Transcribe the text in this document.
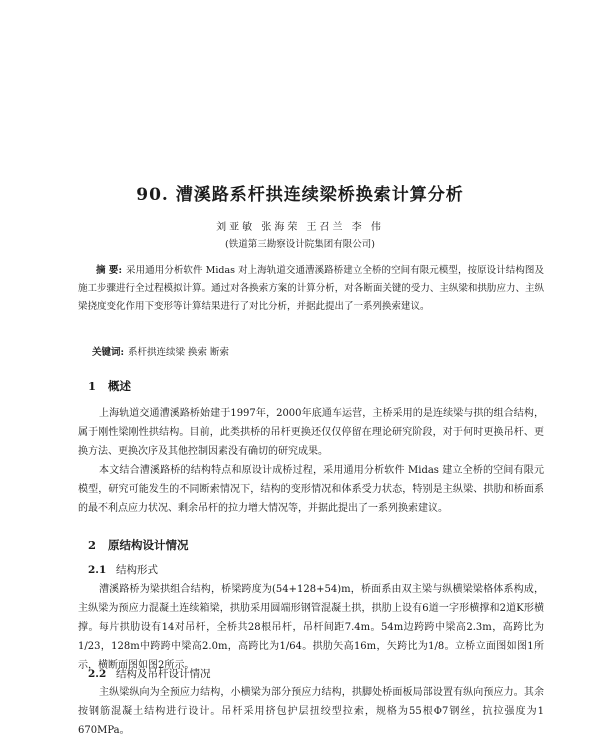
90. 漕溪路系杆拱连续梁桥换索计算分析
刘亚敏 张海荣 王召兰 李 伟
(铁道第三勘察设计院集团有限公司)
摘 要: 采用通用分析软件 Midas 对上海轨道交通漕溪路桥建立全桥的空间有限元模型，按原设计结构图及施工步骤进行全过程模拟计算。通过对各换索方案的计算分析，对各断面关键的受力、主纵梁和拱肋应力、主纵梁挠度变化作用下变形等计算结果进行了对比分析，并据此提出了一系列换索建议。
关键词: 系杆拱连续梁 换索 断索
1 概述
上海轨道交通漕溪路桥始建于1997年，2000年底通车运营，主桥采用的是连续梁与拱的组合结构，属于刚性梁刚性拱结构。目前，此类拱桥的吊杆更换还仅仅停留在理论研究阶段，对于何时更换吊杆、更换方法、更换次序及其他控制因素没有确切的研究成果。
本文结合漕溪路桥的结构特点和原设计成桥过程，采用通用分析软件 Midas 建立全桥的空间有限元模型，研究可能发生的不同断索情况下，结构的变形情况和体系受力状态，特别是主纵梁、拱肋和桥面系的最不利点应力状况、剩余吊杆的拉力增大情况等，并据此提出了一系列换索建议。
2 原结构设计情况
2.1 结构形式
漕溪路桥为梁拱组合结构，桥梁跨度为(54+128+54)m，桥面系由双主梁与纵横梁梁格体系构成，主纵梁为预应力混凝土连续箱梁，拱肋采用圆端形钢管混凝土拱，拱肋上设有6道一字形横撑和2道K形横撑。每片拱肋设有14对吊杆，全桥共28根吊杆，吊杆间距7.4m。54m边跨跨中梁高2.3m，高跨比为1/23，128m中跨跨中梁高2.0m，高跨比为1/64。拱肋矢高16m，矢跨比为1/8。立桥立面图如图1所示，横断面图如图2所示。
2.2 结构及吊杆设计情况
主纵梁纵向为全预应力结构，小横梁为部分预应力结构，拱脚处桥面板局部设置有纵向预应力。其余按钢筋混凝土结构进行设计。吊杆采用挤包护层扭绞型拉索，规格为55根Φ7钢丝，抗拉强度为1 670MPa。
